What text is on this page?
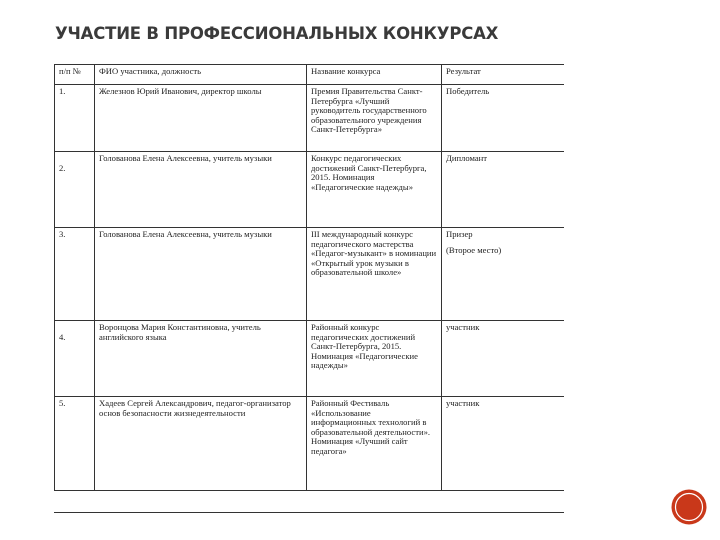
УЧАСТИЕ В ПРОФЕССИОНАЛЬНЫХ КОНКУРСАХ
п/п №	ФИО участника, должность	Название конкурса	Результат
1.	Железнов Юрий Иванович, директор школы	Премия Правительства Санкт-Петербурга «Лучший руководитель государственного образовательного учреждения Санкт-Петербурга»	Победитель

2.	Голованова Елена Алексеевна, учитель музыки	Конкурс педагогических достижений Санкт-Петербурга, 2015. Номинация «Педагогические надежды»	Дипломант
3.	Голованова Елена Алексеевна, учитель музыки	III международный конкурс педагогического мастерства «Педагог-музыкант» в номинации «Открытый урок музыки в образовательной школе»	Призер
(Второе место)

4.	Воронцова Мария Константиновна, учитель английского языка	Районный конкурс педагогических достижений Санкт-Петербурга, 2015. Номинация «Педагогические надежды»	участник
5.	Хадеев Сергей Александрович, педагог-организатор основ безопасности жизнедеятельности	Районный Фестиваль «Использование информационных технологий в образовательной деятельности». Номинация «Лучший сайт педагога»	участник
